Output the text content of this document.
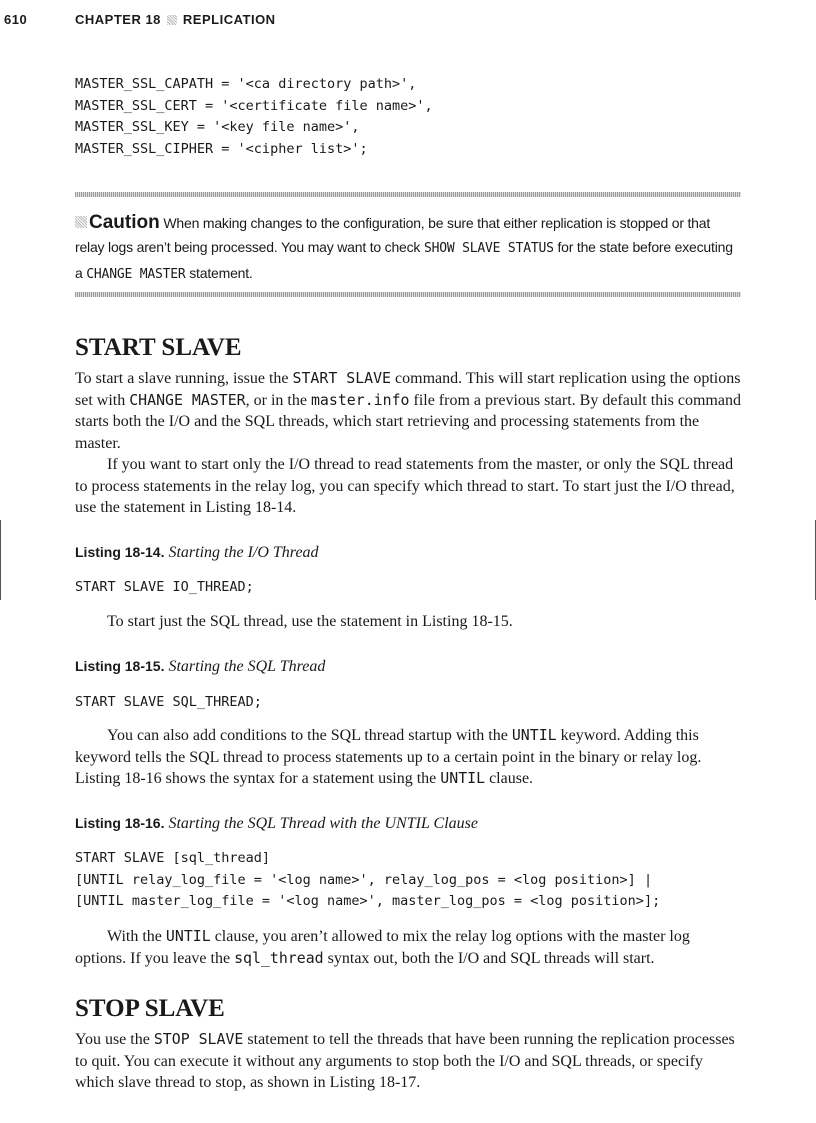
610	CHAPTER 18 REPLICATION
MASTER_SSL_CAPATH = '<ca directory path>',
MASTER_SSL_CERT = '<certificate file name>',
MASTER_SSL_KEY = '<key file name>',
MASTER_SSL_CIPHER = '<cipher list>';
Caution When making changes to the configuration, be sure that either replication is stopped or that relay logs aren’t being processed. You may want to check SHOW SLAVE STATUS for the state before executing a CHANGE MASTER statement.
START SLAVE

To start a slave running, issue the START SLAVE command. This will start replication using the options set with CHANGE MASTER, or in the master.info file from a previous start. By default this command starts both the I/O and the SQL threads, which start retrieving and processing statements from the master.

If you want to start only the I/O thread to read statements from the master, or only the SQL thread to process statements in the relay log, you can specify which thread to start. To start just the I/O thread, use the statement in Listing 18-14.

Listing 18-14. Starting the I/O Thread

START SLAVE IO_THREAD;

To start just the SQL thread, use the statement in Listing 18-15.

Listing 18-15. Starting the SQL Thread

START SLAVE SQL_THREAD;

You can also add conditions to the SQL thread startup with the UNTIL keyword. Adding this keyword tells the SQL thread to process statements up to a certain point in the binary or relay log. Listing 18-16 shows the syntax for a statement using the UNTIL clause.

Listing 18-16. Starting the SQL Thread with the UNTIL Clause

START SLAVE [sql_thread]
[UNTIL relay_log_file = '<log name>', relay_log_pos = <log position>] |
[UNTIL master_log_file = '<log name>', master_log_pos = <log position>];

With the UNTIL clause, you aren’t allowed to mix the relay log options with the master log options. If you leave the sql_thread syntax out, both the I/O and SQL threads will start.

STOP SLAVE

You use the STOP SLAVE statement to tell the threads that have been running the replication processes to quit. You can execute it without any arguments to stop both the I/O and SQL threads, or specify which slave thread to stop, as shown in Listing 18-17.
